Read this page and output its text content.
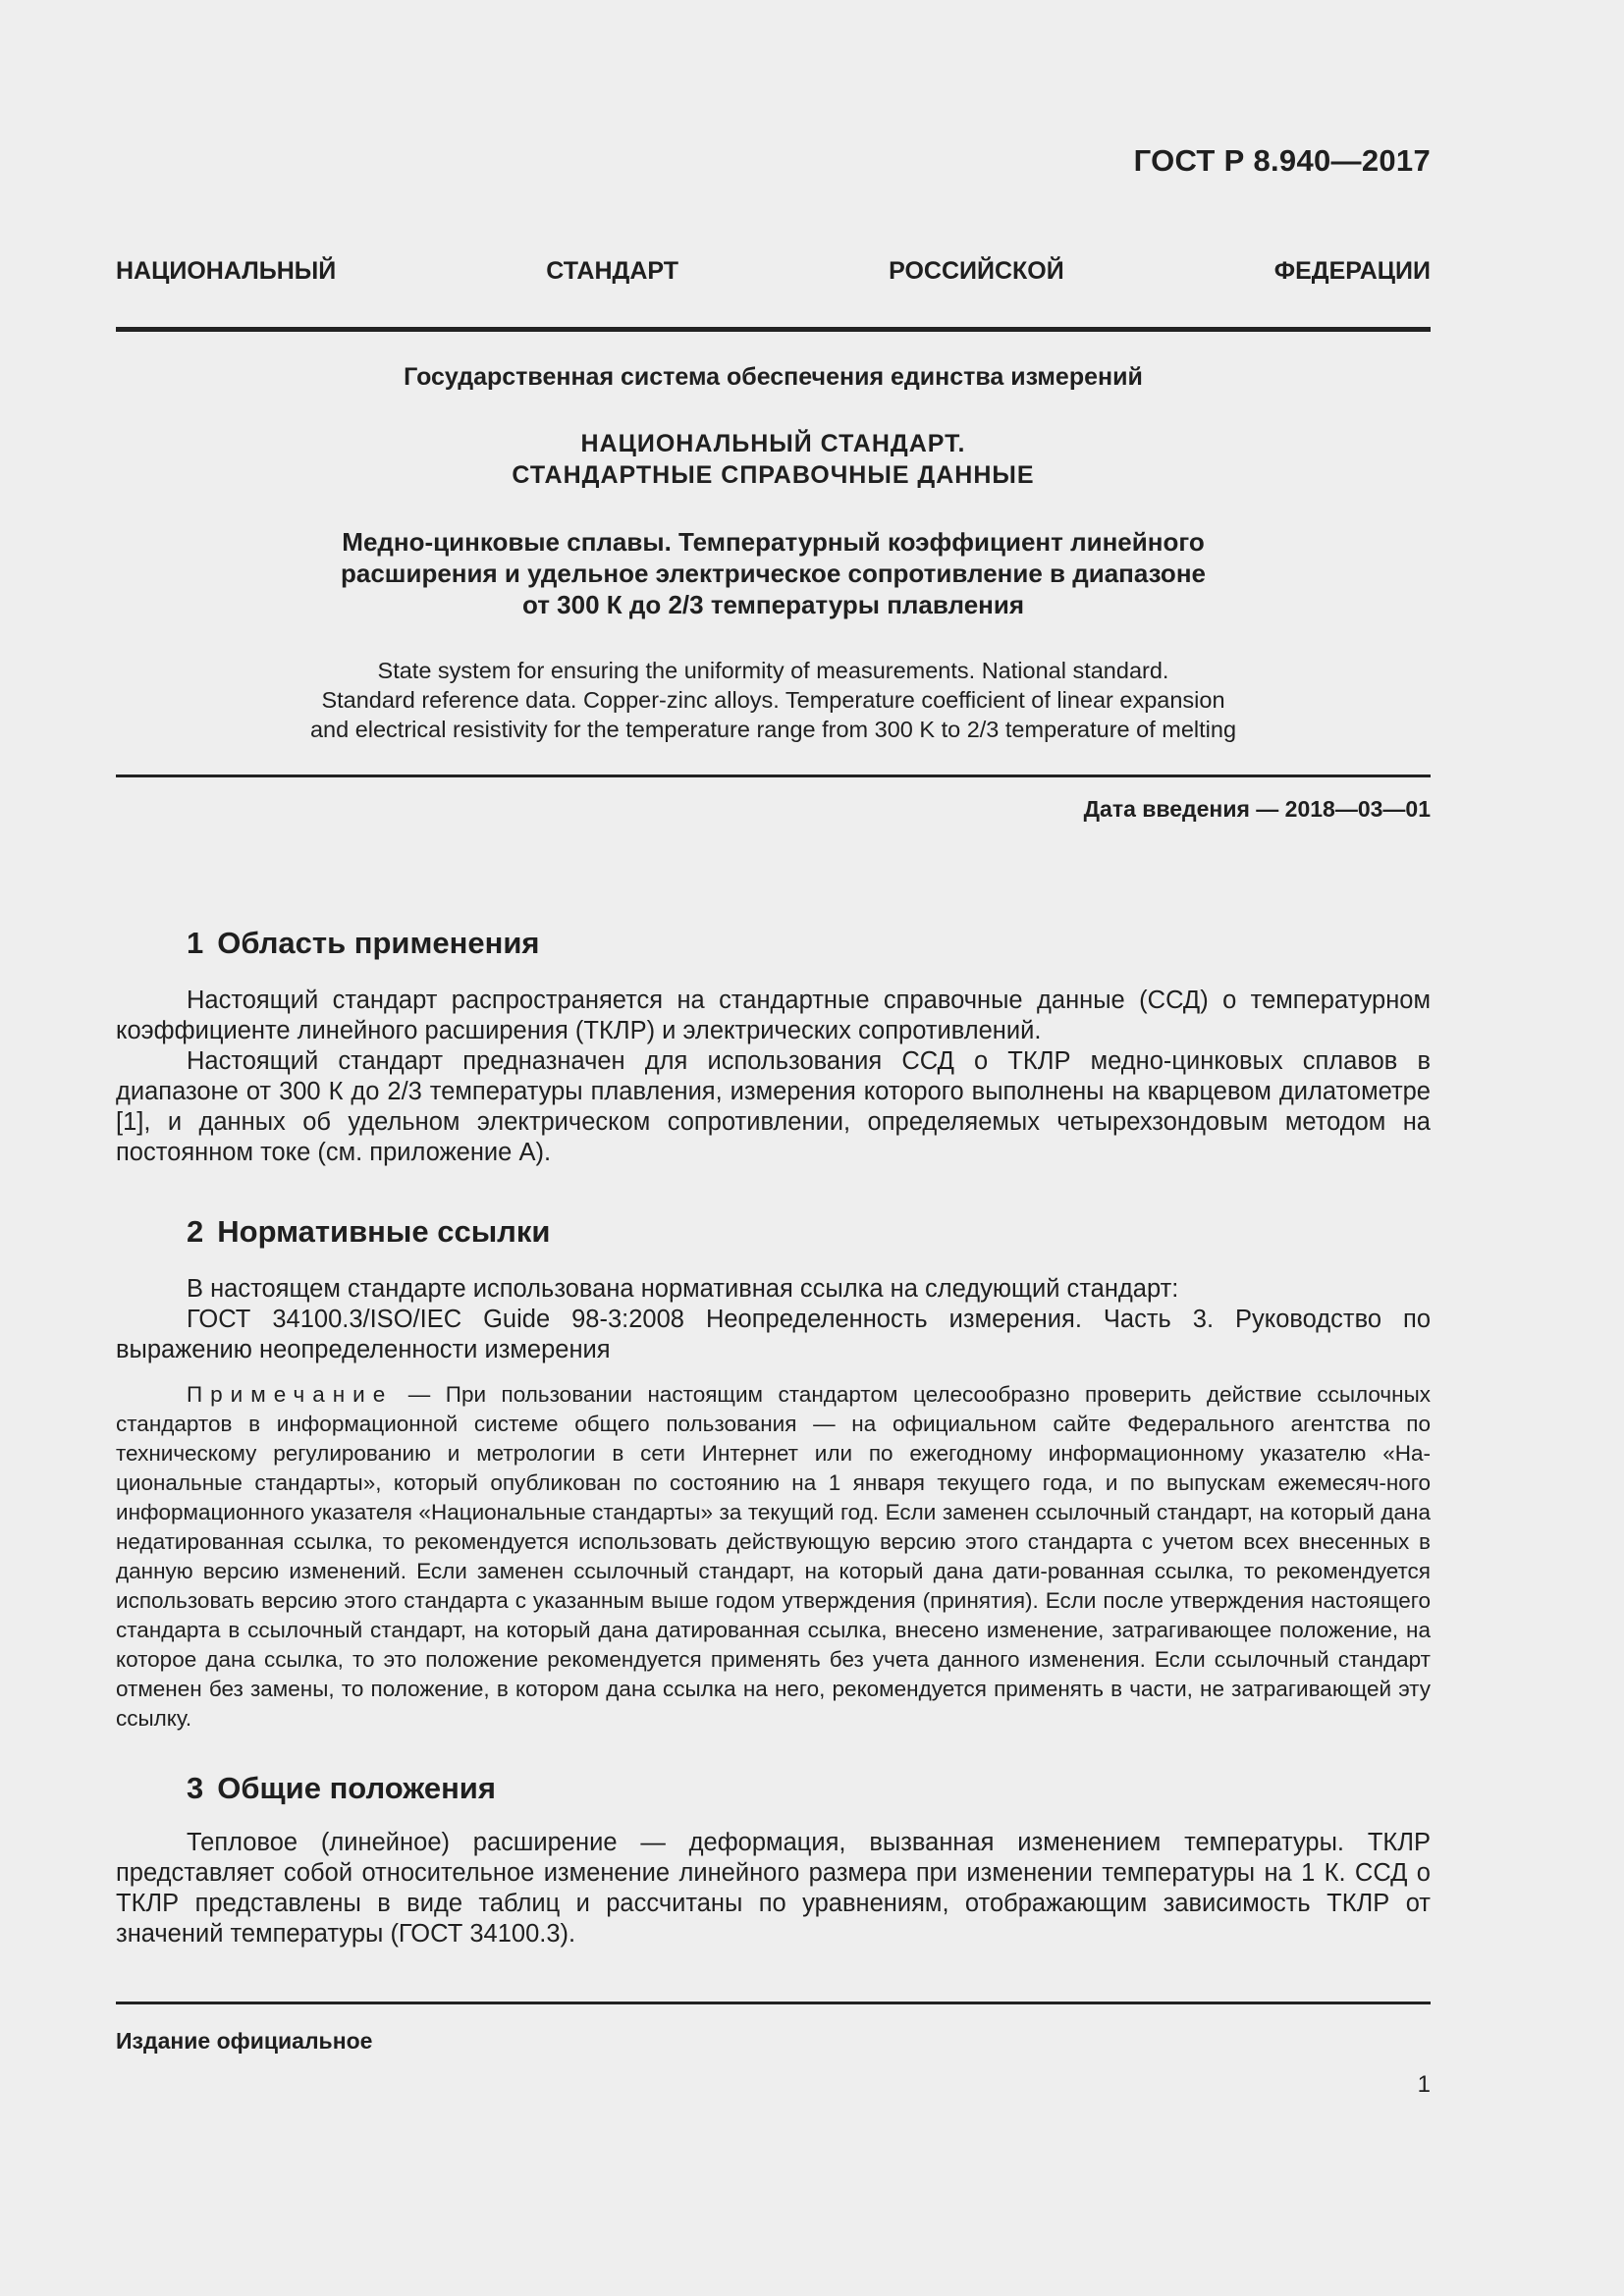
ГОСТ Р 8.940—2017
НАЦИОНАЛЬНЫЙ СТАНДАРТ РОССИЙСКОЙ ФЕДЕРАЦИИ
Государственная система обеспечения единства измерений
НАЦИОНАЛЬНЫЙ СТАНДАРТ.
СТАНДАРТНЫЕ СПРАВОЧНЫЕ ДАННЫЕ
Медно-цинковые сплавы. Температурный коэффициент линейного
расширения и удельное электрическое сопротивление в диапазоне
от 300 К до 2/3 температуры плавления
State system for ensuring the uniformity of measurements. National standard.
Standard reference data. Copper-zinc alloys. Temperature coefficient of linear expansion
and electrical resistivity for the temperature range from 300 K to 2/3 temperature of melting
Дата введения — 2018—03—01
1 Область применения

Настоящий стандарт распространяется на стандартные справочные данные (ССД) о температурном коэффициенте линейного расширения (ТКЛР) и электрических сопротивлений.

Настоящий стандарт предназначен для использования ССД о ТКЛР медно-цинковых сплавов в диапазоне от 300 К до 2/3 температуры плавления, измерения которого выполнены на кварцевом дилатометре [1], и данных об удельном электрическом сопротивлении, определяемых четырехзондовым методом на постоянном токе (см. приложение А).

2 Нормативные ссылки

В настоящем стандарте использована нормативная ссылка на следующий стандарт:

ГОСТ 34100.3/ISO/IEC Guide 98-3:2008 Неопределенность измерения. Часть 3. Руководство по выражению неопределенности измерения

Примечание — При пользовании настоящим стандартом целесообразно проверить действие ссылочных стандартов в информационной системе общего пользования — на официальном сайте Федерального агентства по техническому регулированию и метрологии в сети Интернет или по ежегодному информационному указателю «На-циональные стандарты», который опубликован по состоянию на 1 января текущего года, и по выпускам ежемесяч-ного информационного указателя «Национальные стандарты» за текущий год. Если заменен ссылочный стандарт, на который дана недатированная ссылка, то рекомендуется использовать действующую версию этого стандарта с учетом всех внесенных в данную версию изменений. Если заменен ссылочный стандарт, на который дана дати-рованная ссылка, то рекомендуется использовать версию этого стандарта с указанным выше годом утверждения (принятия). Если после утверждения настоящего стандарта в ссылочный стандарт, на который дана датированная ссылка, внесено изменение, затрагивающее положение, на которое дана ссылка, то это положение рекомендуется применять без учета данного изменения. Если ссылочный стандарт отменен без замены, то положение, в котором дана ссылка на него, рекомендуется применять в части, не затрагивающей эту ссылку.

3 Общие положения

Тепловое (линейное) расширение — деформация, вызванная изменением температуры. ТКЛР представляет собой относительное изменение линейного размера при изменении температуры на 1 К. ССД о ТКЛР представлены в виде таблиц и рассчитаны по уравнениям, отображающим зависимость ТКЛР от значений температуры (ГОСТ 34100.3).

Издание официальное
1
